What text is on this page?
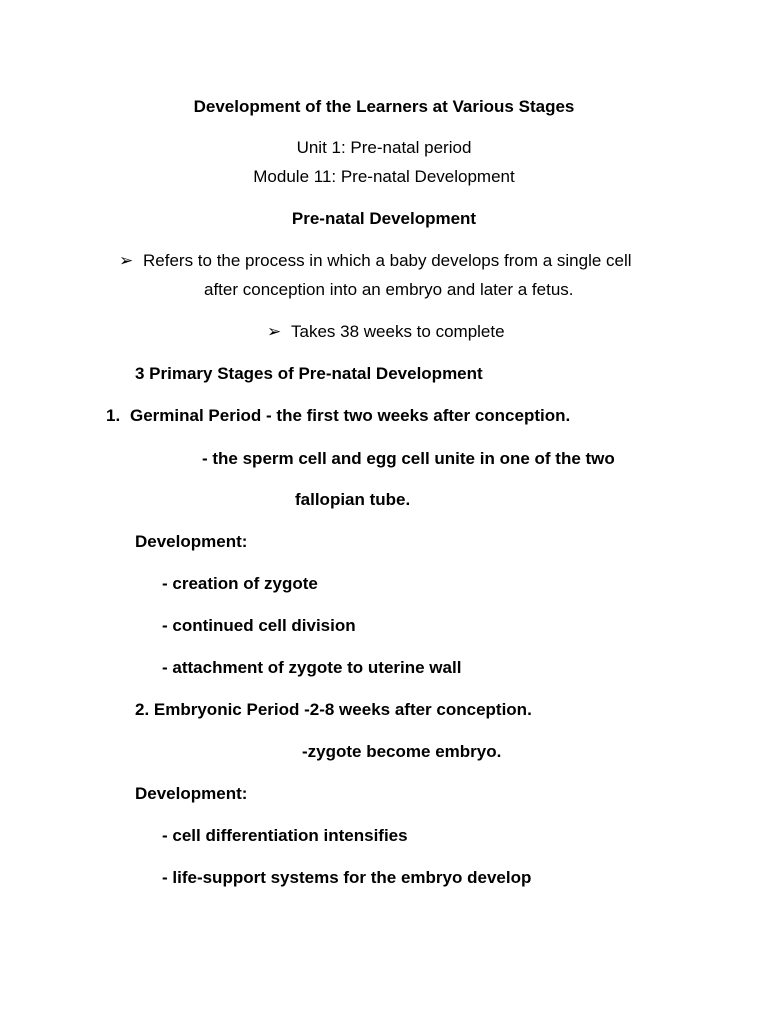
Development of the Learners at Various Stages
Unit 1: Pre-natal period
Module 11: Pre-natal Development
Pre-natal Development
➢ Refers to the process in which a baby develops from a single cell
after conception into an embryo and later a fetus.
➢ Takes 38 weeks to complete
3 Primary Stages of Pre-natal Development
1. Germinal Period - the first two weeks after conception.
- the sperm cell and egg cell unite in one of the two
fallopian tube.
Development:
- creation of zygote
- continued cell division
- attachment of zygote to uterine wall
2. Embryonic Period -2-8 weeks after conception.
-zygote become embryo.
Development:
- cell differentiation intensifies
- life-support systems for the embryo develop
